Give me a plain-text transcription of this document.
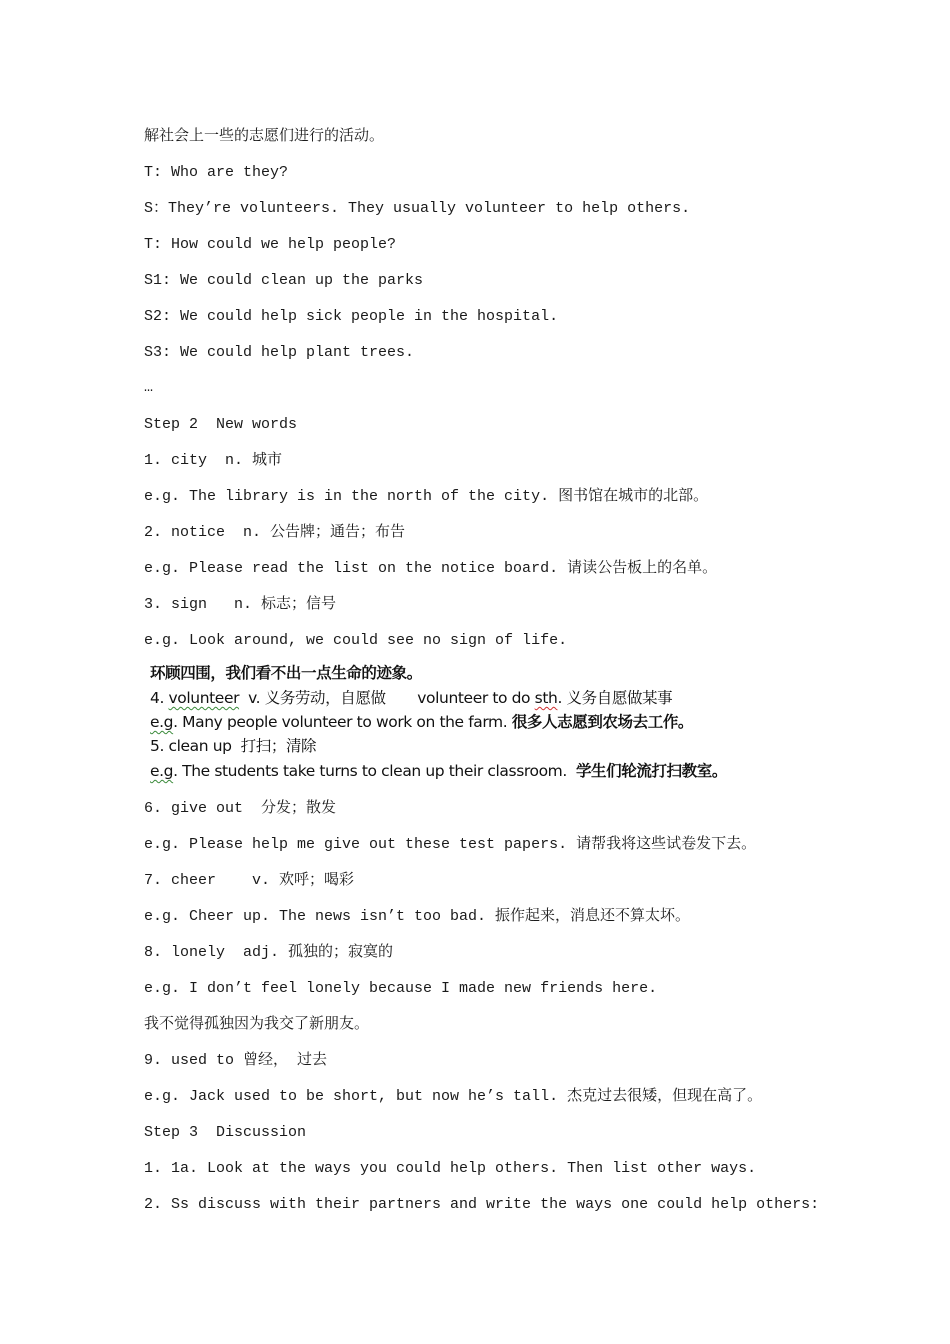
解社会上一些的志愿们进行的活动。
T: Who are they?
S：They’re volunteers. They usually volunteer to help others.
T: How could we help people?
S1: We could clean up the parks
S2: We could help sick people in the hospital.
S3: We could help plant trees.
…
Step 2  New words
1. city  n. 城市
e.g. The library is in the north of the city. 图书馆在城市的北部。
2. notice  n. 公告牌；通告；布告
e.g. Please read the list on the notice board. 请读公告板上的名单。
3. sign   n. 标志；信号
e.g. Look around, we could see no sign of life.
环顾四围，我们看不出一点生命的迹象。
4. volunteer  v. 义务劳动，自愿做 volunteer to do sth. 义务自愿做某事
e.g. Many people volunteer to work on the farm. 很多人志愿到农场去工作。
5. clean up  打扫；清除
e.g. The students take turns to clean up their classroom.  学生们轮流打扫教室。
6. give out  分发；散发
e.g. Please help me give out these test papers. 请帮我将这些试卷发下去。
7. cheer    v. 欢呼；喝彩
e.g. Cheer up. The news isn’t too bad. 振作起来，消息还不算太坏。
8. lonely  adj. 孤独的；寂寞的
e.g. I don’t feel lonely because I made new friends here.
我不觉得孤独因为我交了新朋友。
9. used to 曾经， 过去
e.g. Jack used to be short, but now he’s tall. 杰克过去很矮，但现在高了。
Step 3  Discussion
1. 1a. Look at the ways you could help others. Then list other ways.
2. Ss discuss with their partners and write the ways one could help others:
